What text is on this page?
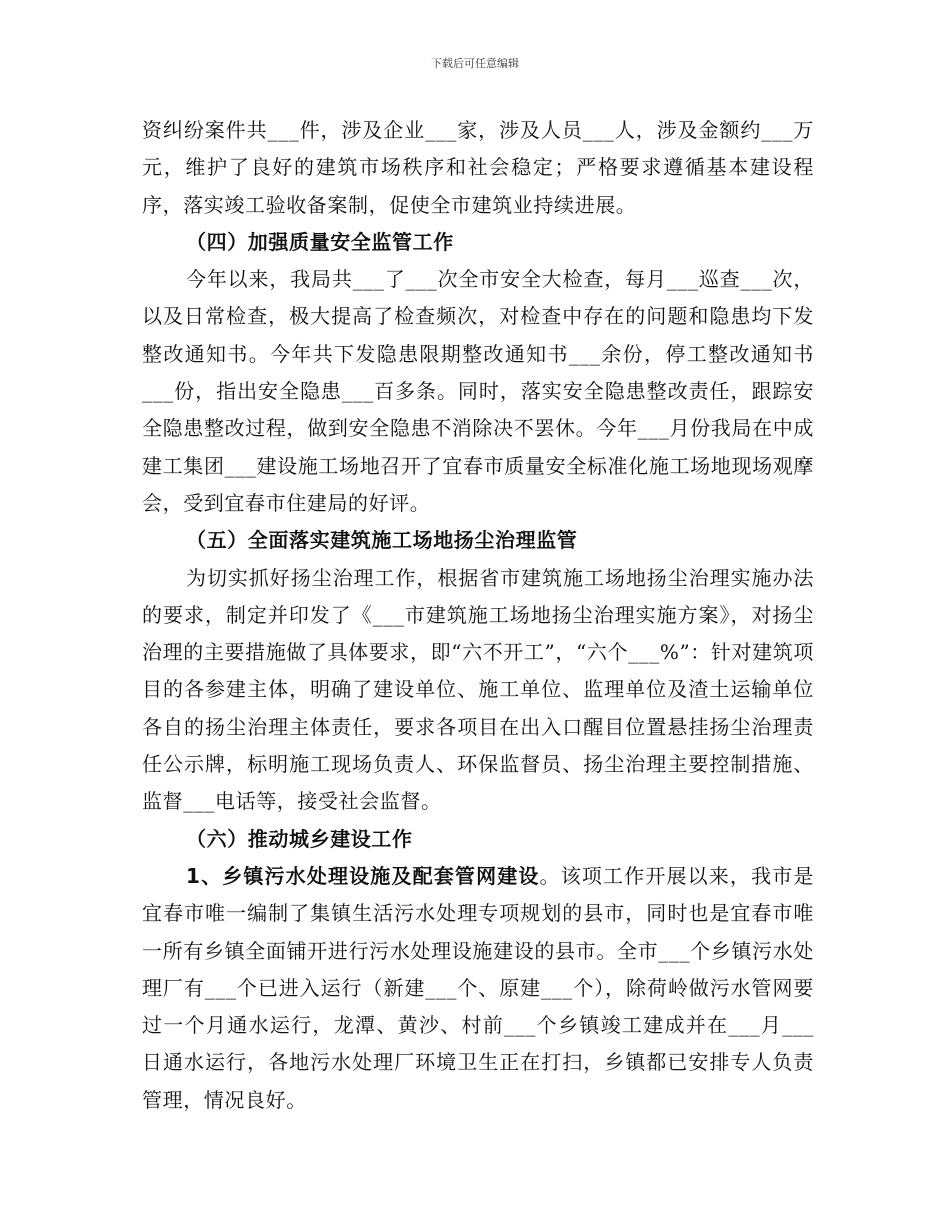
下载后可任意编辑

资纠纷案件共___件，涉及企业___家，涉及人员___人，涉及金额约___万元，维护了良好的建筑市场秩序和社会稳定；严格要求遵循基本建设程序，落实竣工验收备案制，促使全市建筑业持续进展。

（四）加强质量安全监管工作

今年以来，我局共___了___次全市安全大检查，每月___巡查___次，以及日常检查，极大提高了检查频次，对检查中存在的问题和隐患均下发整改通知书。今年共下发隐患限期整改通知书___余份，停工整改通知书___份，指出安全隐患___百多条。同时，落实安全隐患整改责任，跟踪安全隐患整改过程，做到安全隐患不消除决不罢休。今年___月份我局在中成建工集团___建设施工场地召开了宜春市质量安全标准化施工场地现场观摩会，受到宜春市住建局的好评。

（五）全面落实建筑施工场地扬尘治理监管

为切实抓好扬尘治理工作，根据省市建筑施工场地扬尘治理实施办法的要求，制定并印发了《___市建筑施工场地扬尘治理实施方案》，对扬尘治理的主要措施做了具体要求，即“六不开工”，“六个___%”：针对建筑项目的各参建主体，明确了建设单位、施工单位、监理单位及渣土运输单位各自的扬尘治理主体责任，要求各项目在出入口醒目位置悬挂扬尘治理责任公示牌，标明施工现场负责人、环保监督员、扬尘治理主要控制措施、监督___电话等，接受社会监督。

（六）推动城乡建设工作

1、乡镇污水处理设施及配套管网建设。该项工作开展以来，我市是宜春市唯一编制了集镇生活污水处理专项规划的县市，同时也是宜春市唯一所有乡镇全面铺开进行污水处理设施建设的县市。全市___个乡镇污水处理厂有___个已进入运行（新建___个、原建___个），除荷岭做污水管网要过一个月通水运行，龙潭、黄沙、村前___个乡镇竣工建成并在___月___日通水运行，各地污水处理厂环境卫生正在打扫，乡镇都已安排专人负责管理，情况良好。
